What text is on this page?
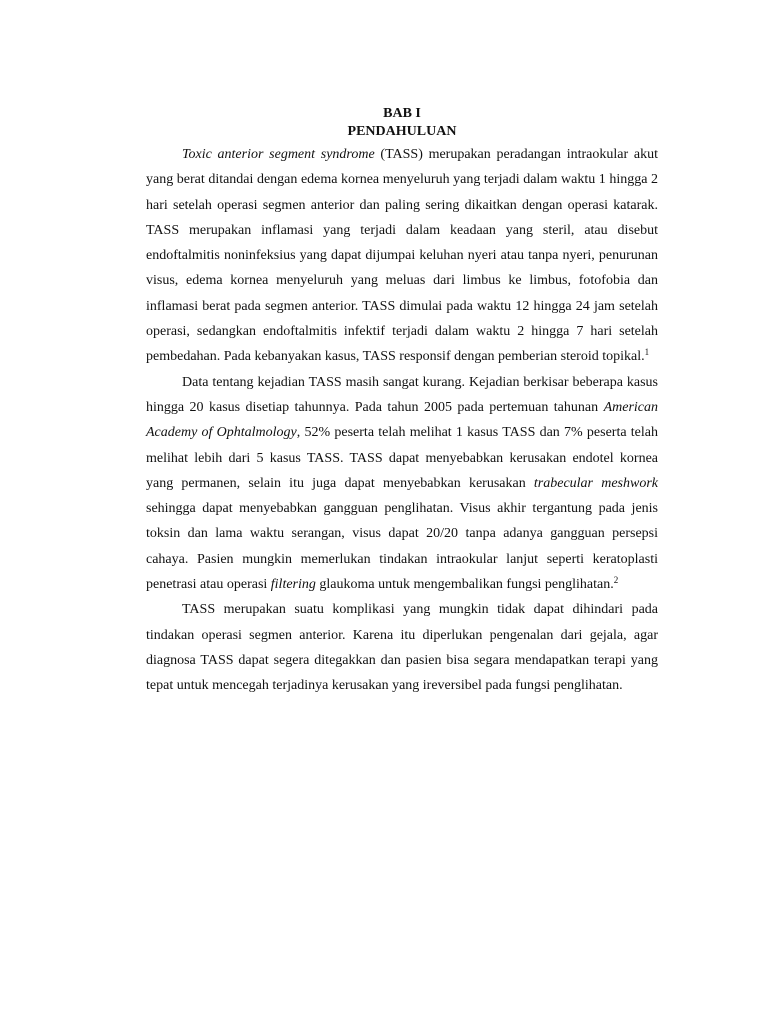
BAB I
PENDAHULUAN

Toxic anterior segment syndrome (TASS) merupakan peradangan intraokular akut yang berat ditandai dengan edema kornea menyeluruh yang terjadi dalam waktu 1 hingga 2 hari setelah operasi segmen anterior dan paling sering dikaitkan dengan operasi katarak. TASS merupakan inflamasi yang terjadi dalam keadaan yang steril, atau disebut endoftalmitis noninfeksius yang dapat dijumpai keluhan nyeri atau tanpa nyeri, penurunan visus, edema kornea menyeluruh yang meluas dari limbus ke limbus, fotofobia dan inflamasi berat pada segmen anterior. TASS dimulai pada waktu 12 hingga 24 jam setelah operasi, sedangkan endoftalmitis infektif terjadi dalam waktu 2 hingga 7 hari setelah pembedahan. Pada kebanyakan kasus, TASS responsif dengan pemberian steroid topikal.$^1$

Data tentang kejadian TASS masih sangat kurang. Kejadian berkisar beberapa kasus hingga 20 kasus disetiap tahunnya. Pada tahun 2005 pada pertemuan tahunan American Academy of Ophtalmology, 52% peserta telah melihat 1 kasus TASS dan 7% peserta telah melihat lebih dari 5 kasus TASS. TASS dapat menyebabkan kerusakan endotel kornea yang permanen, selain itu juga dapat menyebabkan kerusakan trabecular meshwork sehingga dapat menyebabkan gangguan penglihatan. Visus akhir tergantung pada jenis toksin dan lama waktu serangan, visus dapat 20/20 tanpa adanya gangguan persepsi cahaya. Pasien mungkin memerlukan tindakan intraokular lanjut seperti keratoplasti penetrasi atau operasi filtering glaukoma untuk mengembalikan fungsi penglihatan.$^2$

TASS merupakan suatu komplikasi yang mungkin tidak dapat dihindari pada tindakan operasi segmen anterior. Karena itu diperlukan pengenalan dari gejala, agar diagnosa TASS dapat segera ditegakkan dan pasien bisa segara mendapatkan terapi yang tepat untuk mencegah terjadinya kerusakan yang ireversibel pada fungsi penglihatan.
